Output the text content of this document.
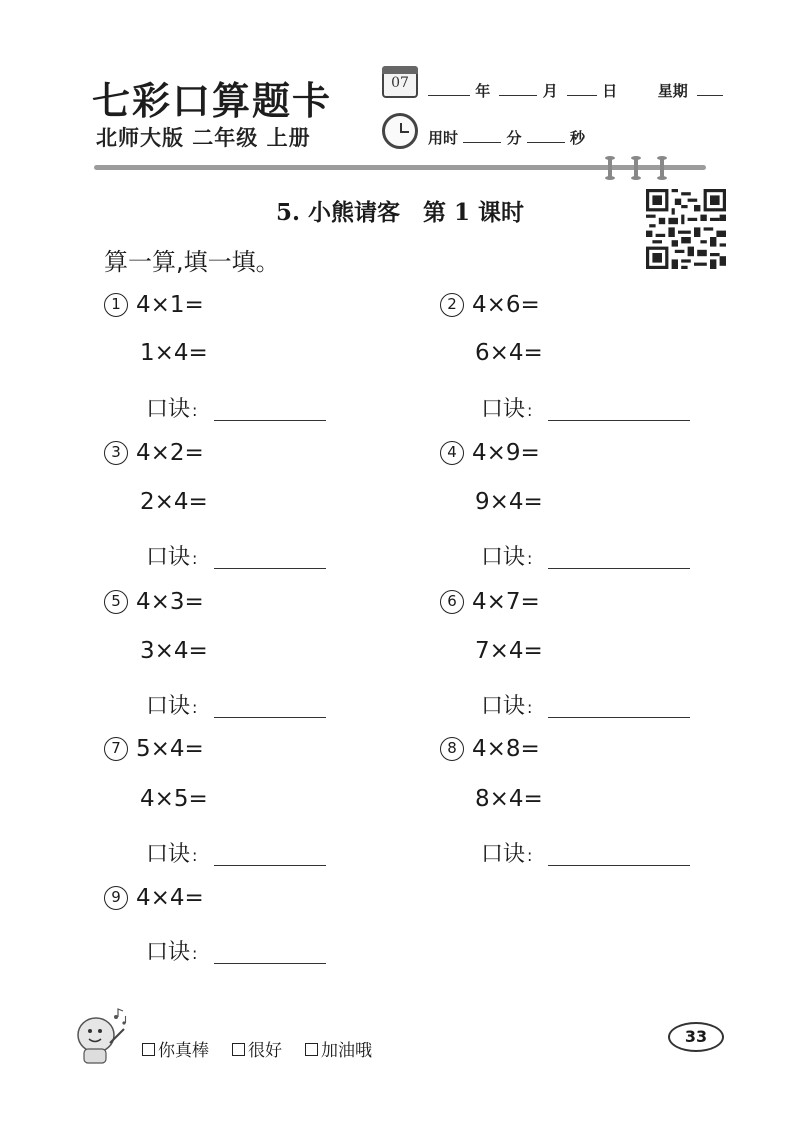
七彩口算题卡
北师大版 二年级 上册
07	年	月	日	星期
用时	分	秒
5. 小熊请客　第 1 课时
算一算,填一填。
1 4×1=
1×4=
口诀 :
3 4×2=
2×4=
口诀 :
5 4×3=
3×4=
口诀 :
7 5×4=
4×5=
口诀 :
9 4×4=
口诀 :
2 4×6=
6×4=
口诀 :
4 4×9=
9×4=
口诀 :
6 4×7=
7×4=
口诀 :
8 4×8=
8×4=
口诀 :
你真棒	很好	加油哦
33
